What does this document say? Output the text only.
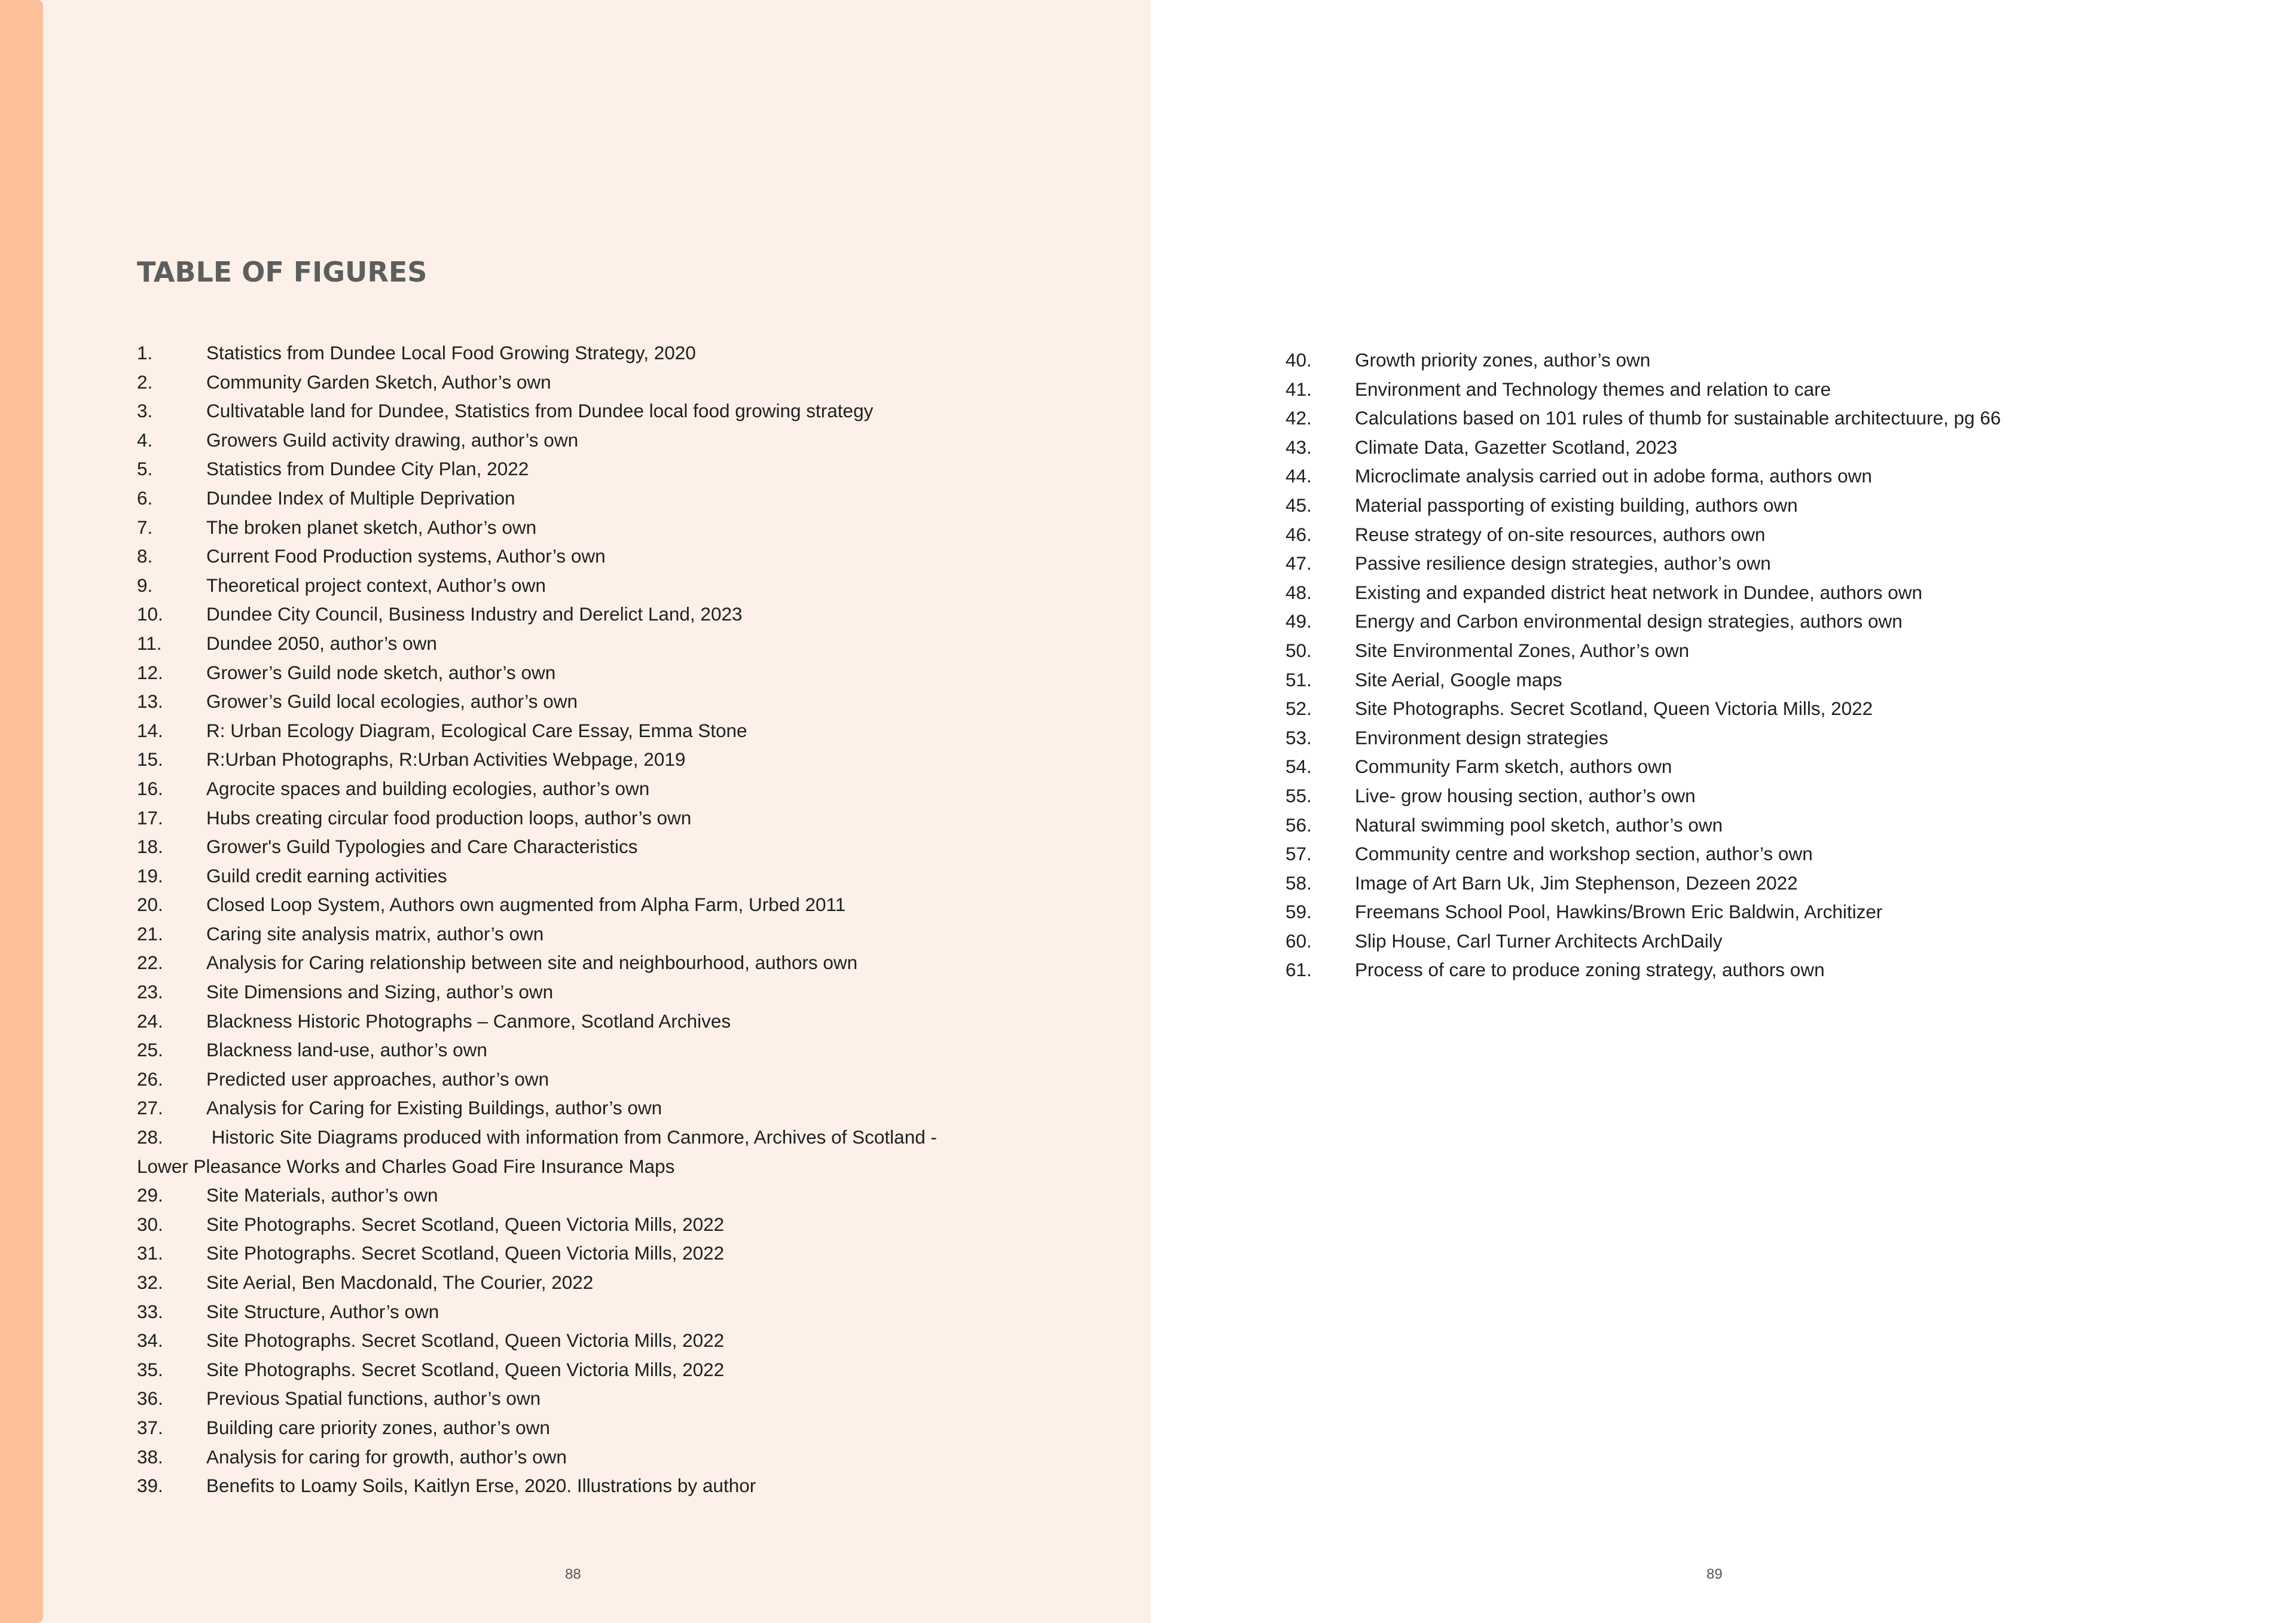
TABLE OF FIGURES
1.	Statistics from Dundee Local Food Growing Strategy, 2020
2.	Community Garden Sketch, Author’s own
3.	Cultivatable land for Dundee, Statistics from Dundee local food growing strategy
4.	Growers Guild activity drawing, author’s own
5.	Statistics from Dundee City Plan, 2022
6.	Dundee Index of Multiple Deprivation
7.	The broken planet sketch, Author’s own
8.	Current Food Production systems, Author’s own
9.	Theoretical project context, Author’s own
10.	Dundee City Council, Business Industry and Derelict Land, 2023
11.	Dundee 2050, author’s own
12.	Grower’s Guild node sketch, author’s own
13.	Grower’s Guild local ecologies, author’s own
14.	R: Urban Ecology Diagram, Ecological Care Essay, Emma Stone
15.	R:Urban Photographs, R:Urban Activities Webpage, 2019
16.	Agrocite spaces and building ecologies, author’s own
17.	Hubs creating circular food production loops, author’s own
18.	Grower's Guild Typologies and Care Characteristics
19.	Guild credit earning activities
20.	Closed Loop System, Authors own augmented from Alpha Farm, Urbed 2011
21.	Caring site analysis matrix, author’s own
22.	Analysis for Caring relationship between site and neighbourhood, authors own
23.	Site Dimensions and Sizing, author’s own
24.	Blackness Historic Photographs – Canmore, Scotland Archives
25.	Blackness land-use, author’s own
26.	Predicted user approaches, author’s own
27.	Analysis for Caring for Existing Buildings, author’s own
28. Historic Site Diagrams produced with information from Canmore, Archives of Scotland -
Lower Pleasance Works and Charles Goad Fire Insurance Maps
29.	Site Materials, author’s own
30.	Site Photographs. Secret Scotland, Queen Victoria Mills, 2022
31.	Site Photographs. Secret Scotland, Queen Victoria Mills, 2022
32.	Site Aerial, Ben Macdonald, The Courier, 2022
33.	Site Structure, Author’s own
34.	Site Photographs. Secret Scotland, Queen Victoria Mills, 2022
35.	Site Photographs. Secret Scotland, Queen Victoria Mills, 2022
36.	Previous Spatial functions, author’s own
37.	Building care priority zones, author’s own
38.	Analysis for caring for growth, author’s own
39.	Benefits to Loamy Soils, Kaitlyn Erse, 2020. Illustrations by author
88	89
40.	Growth priority zones, author’s own
41.	Environment and Technology themes and relation to care
42.	Calculations based on 101 rules of thumb for sustainable architectuure, pg 66
43.	Climate Data, Gazetter Scotland, 2023
44.	Microclimate analysis carried out in adobe forma, authors own
45.	Material passporting of existing building, authors own
46.	Reuse strategy of on-site resources, authors own
47.	Passive resilience design strategies, author’s own
48.	Existing and expanded district heat network in Dundee, authors own
49.	Energy and Carbon environmental design strategies, authors own
50.	Site Environmental Zones, Author’s own
51.	Site Aerial, Google maps
52.	Site Photographs. Secret Scotland, Queen Victoria Mills, 2022
53.	Environment design strategies
54.	Community Farm sketch, authors own
55.	Live- grow housing section, author’s own
56.	Natural swimming pool sketch, author’s own
57.	Community centre and workshop section, author’s own
58.	Image of Art Barn Uk, Jim Stephenson, Dezeen 2022
59.	Freemans School Pool, Hawkins/Brown Eric Baldwin, Architizer
60.	Slip House, Carl Turner Architects ArchDaily
61.	Process of care to produce zoning strategy, authors own
